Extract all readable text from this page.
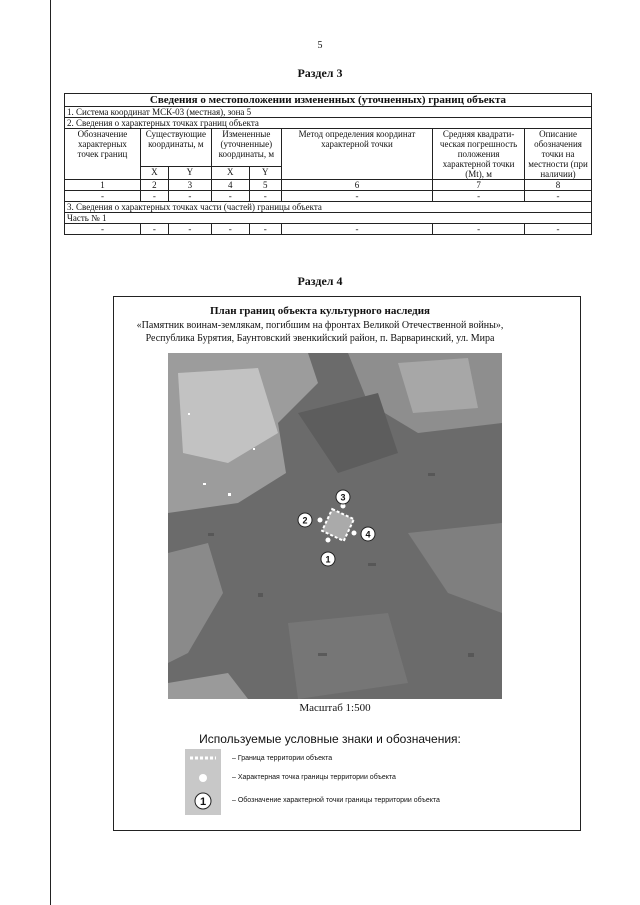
5
Раздел 3
Сведения о местоположении измененных (уточненных) границ объекта							
1. Система координат МСК-03 (местная), зона 5							
2. Сведения о характерных точках границ объекта							
Обозначение характерных точек границ	Существующие координаты, м		Измененные (уточненные) координаты, м		Метод определения координат характерной точки	Средняя квадрати-ческая погрешность положения характерной точки (Mt), м	Описание обозначения точки на местности (при наличии)
	X	Y	X	Y			
1	2	3	4	5	6	7	8
-	-	-	-	-	-	-	-
3. Сведения о характерных точках части (частей) границы объекта							
Часть № 1							
-	-	-	-	-	-	-	-
Раздел 4
План границ объекта культурного наследия
«Памятник воинам-землякам, погибшим на фронтах Великой Отечественной войны»,
Республика Бурятия, Баунтовский эвенкийский район, п. Варваринский, ул. Мира
1
2
3
4
Масштаб 1:500
Используемые условные знаки и обозначения:
1
– Граница территории объекта
– Характерная точка границы территории объекта
– Обозначение характерной точки границы территории объекта
